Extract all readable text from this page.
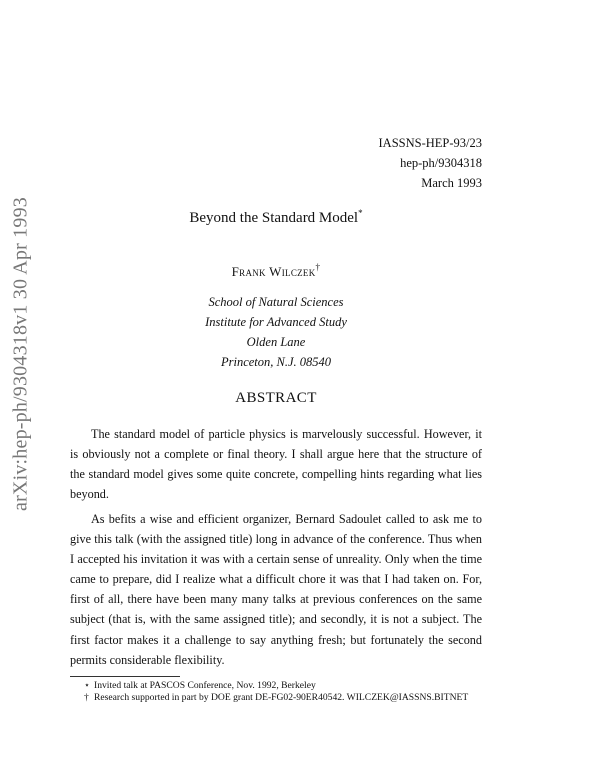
arXiv:hep-ph/9304318v1 30 Apr 1993
IASSNS-HEP-93/23
hep-ph/9304318
March 1993
Beyond the Standard Model*
Frank Wilczek†
School of Natural Sciences
Institute for Advanced Study
Olden Lane
Princeton, N.J. 08540
ABSTRACT

The standard model of particle physics is marvelously successful. However, it is obviously not a complete or final theory. I shall argue here that the structure of the standard model gives some quite concrete, compelling hints regarding what lies beyond.

As befits a wise and efficient organizer, Bernard Sadoulet called to ask me to give this talk (with the assigned title) long in advance of the conference. Thus when I accepted his invitation it was with a certain sense of unreality. Only when the time came to prepare, did I realize what a difficult chore it was that I had taken on. For, first of all, there have been many many talks at previous conferences on the same subject (that is, with the same assigned title); and secondly, it is not a subject. The first factor makes it a challenge to say anything fresh; but fortunately the second permits considerable flexibility.

⋆ Invited talk at PASCOS Conference, Nov. 1992, Berkeley
† Research supported in part by DOE grant DE-FG02-90ER40542. WILCZEK@IASSNS.BITNET
